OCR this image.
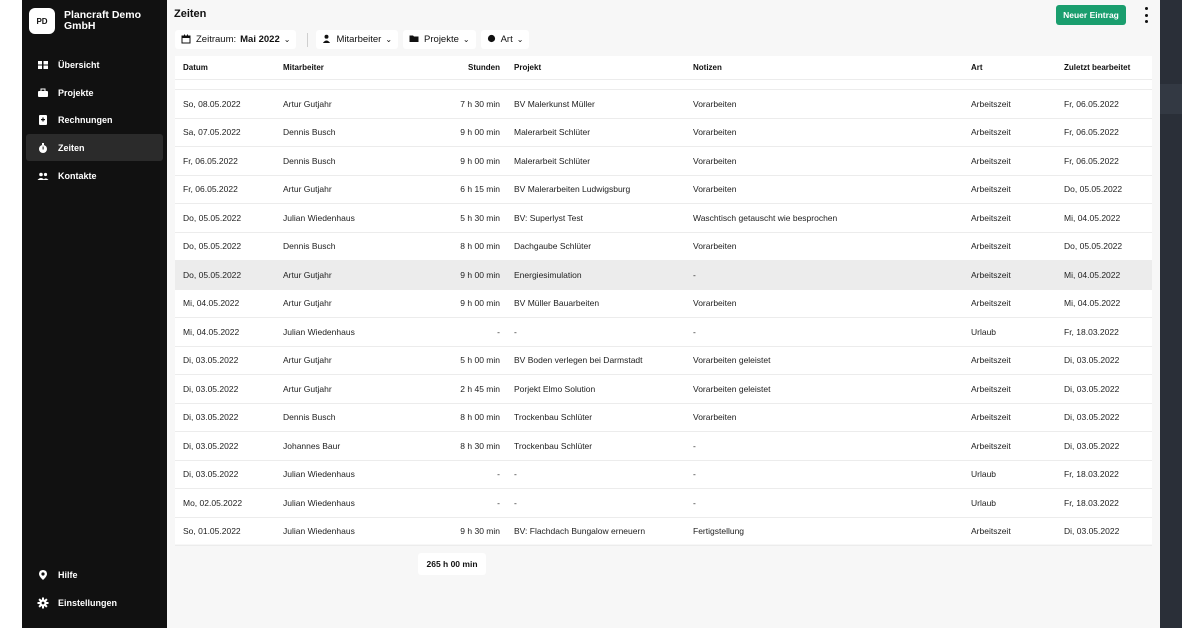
PD	Plancraft Demo GmbH
Übersicht
Projekte
Rechnungen
Zeiten
Kontakte
Hilfe
Einstellungen
Zeiten	Neuer Eintrag
Zeitraum: Mai 2022 ⌄	Mitarbeiter ⌄	Projekte ⌄	Art ⌄
Datum	Mitarbeiter	Stunden	Projekt	Notizen	Art	Zuletzt bearbeitet
So, 08.05.2022	Artur Gutjahr	7 h 30 min	BV Malerkunst Müller	Vorarbeiten	Arbeitszeit	Fr, 06.05.2022
Sa, 07.05.2022	Dennis Busch	9 h 00 min	Malerarbeit Schlüter	Vorarbeiten	Arbeitszeit	Fr, 06.05.2022
Fr, 06.05.2022	Dennis Busch	9 h 00 min	Malerarbeit Schlüter	Vorarbeiten	Arbeitszeit	Fr, 06.05.2022
Fr, 06.05.2022	Artur Gutjahr	6 h 15 min	BV Malerarbeiten Ludwigsburg	Vorarbeiten	Arbeitszeit	Do, 05.05.2022
Do, 05.05.2022	Julian Wiedenhaus	5 h 30 min	BV: Superlyst Test	Waschtisch getauscht wie besprochen	Arbeitszeit	Mi, 04.05.2022
Do, 05.05.2022	Dennis Busch	8 h 00 min	Dachgaube Schlüter	Vorarbeiten	Arbeitszeit	Do, 05.05.2022
Do, 05.05.2022	Artur Gutjahr	9 h 00 min	Energiesimulation	-	Arbeitszeit	Mi, 04.05.2022
Mi, 04.05.2022	Artur Gutjahr	9 h 00 min	BV Müller Bauarbeiten	Vorarbeiten	Arbeitszeit	Mi, 04.05.2022
Mi, 04.05.2022	Julian Wiedenhaus	-	-	-	Urlaub	Fr, 18.03.2022
Di, 03.05.2022	Artur Gutjahr	5 h 00 min	BV Boden verlegen bei Darmstadt	Vorarbeiten geleistet	Arbeitszeit	Di, 03.05.2022
Di, 03.05.2022	Artur Gutjahr	2 h 45 min	Porjekt Elmo Solution	Vorarbeiten geleistet	Arbeitszeit	Di, 03.05.2022
Di, 03.05.2022	Dennis Busch	8 h 00 min	Trockenbau Schlüter	Vorarbeiten	Arbeitszeit	Di, 03.05.2022
Di, 03.05.2022	Johannes Baur	8 h 30 min	Trockenbau Schlüter	-	Arbeitszeit	Di, 03.05.2022
Di, 03.05.2022	Julian Wiedenhaus	-	-	-	Urlaub	Fr, 18.03.2022
Mo, 02.05.2022	Julian Wiedenhaus	-	-	-	Urlaub	Fr, 18.03.2022
So, 01.05.2022	Julian Wiedenhaus	9 h 30 min	BV: Flachdach Bungalow erneuern	Fertigstellung	Arbeitszeit	Di, 03.05.2022
265 h 00 min
